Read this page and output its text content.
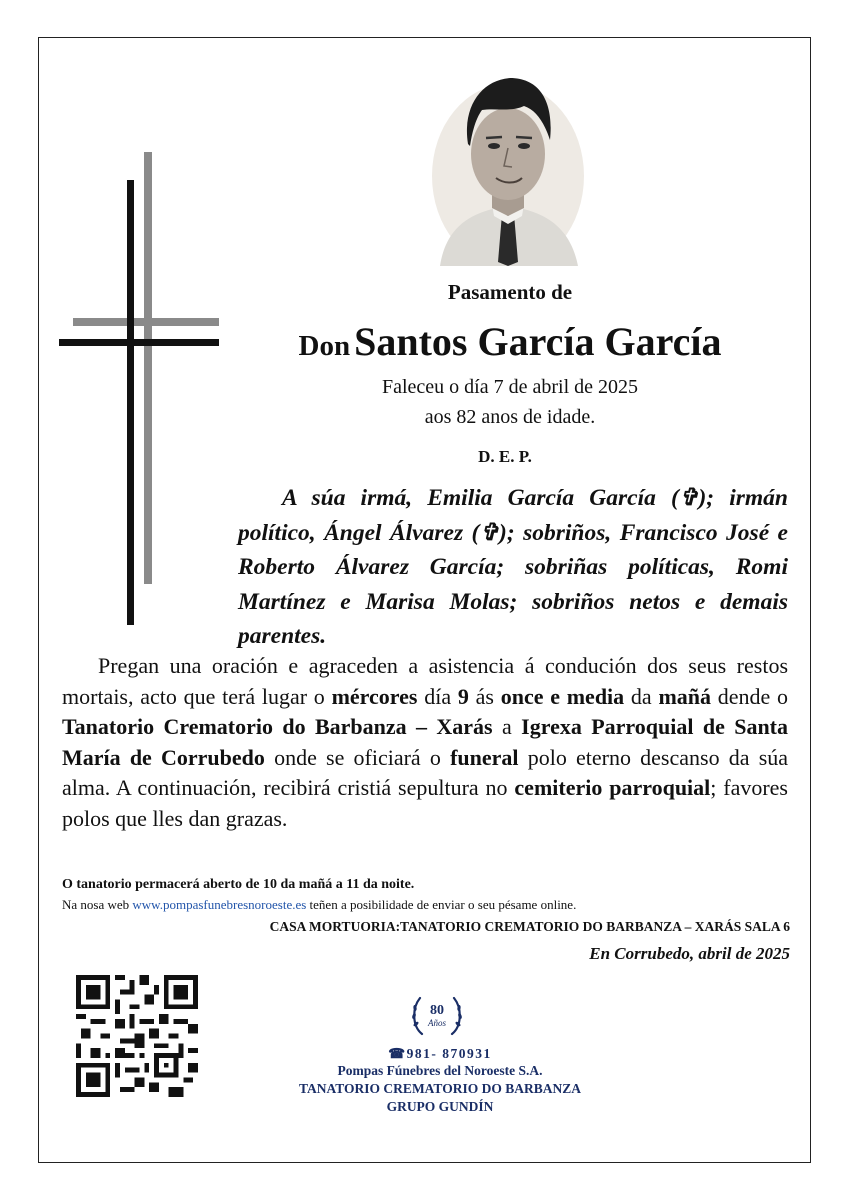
Pasamento de
Don Santos García García
Faleceu o día 7 de abril de 2025
aos 82 anos de idade.
D. E. P.
A súa irmá, Emilia García García (✞); irmán político, Ángel Álvarez (✞); sobriños, Francisco José e Roberto Álvarez García; sobriñas políticas, Romi Martínez e Marisa Molas; sobriños netos e demais parentes.
Pregan una oración e agraceden a asistencia á condución dos seus restos mortais, acto que terá lugar o mércores día 9 ás once e media da mañá dende o Tanatorio Crematorio do Barbanza – Xarás a Igrexa Parroquial de Santa María de Corrubedo onde se oficiará o funeral polo eterno descanso da súa alma. A continuación, recibirá cristiá sepultura no cemiterio parroquial; favores polos que lles dan grazas.
O tanatorio permacerá aberto de 10 da mañá a 11 da noite.
Na nosa web www.pompasfunebresnoroeste.es teñen a posibilidade de enviar o seu pésame online.
CASA MORTUORIA:TANATORIO CREMATORIO DO BARBANZA – XARÁS SALA 6
En Corrubedo, abril de 2025
80
Años
☎981- 870931
Pompas Fúnebres del Noroeste S.A.
TANATORIO CREMATORIO DO BARBANZA
GRUPO GUNDÍN
